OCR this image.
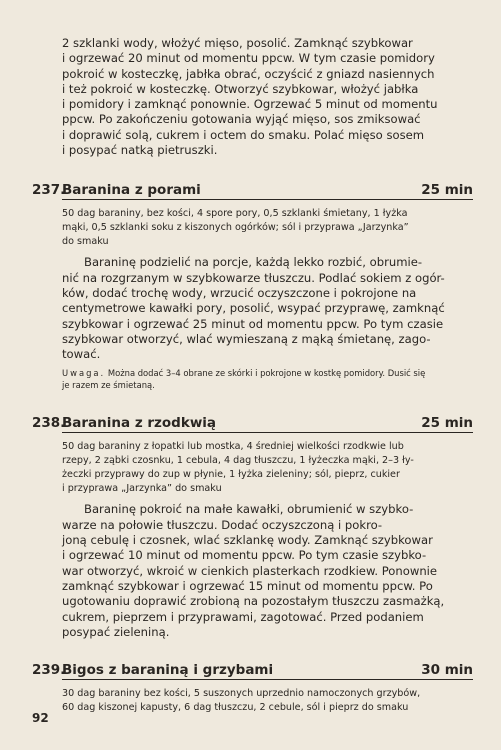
2 szklanki wody, włożyć mięso, posolić. Zamknąć szybkowar
i ogrzewać 20 minut od momentu ppcw. W tym czasie pomidory
pokroić w kosteczkę, jabłka obrać, oczyścić z gniazd nasiennych
i też pokroić w kosteczkę. Otworzyć szybkowar, włożyć jabłka
i pomidory i zamknąć ponownie. Ogrzewać 5 minut od momentu
ppcw. Po zakończeniu gotowania wyjąć mięso, sos zmiksować
i doprawić solą, cukrem i octem do smaku. Polać mięso sosem
i posypać natką pietruszki.
237.
Baranina z porami	25 min
50 dag baraniny, bez kości, 4 spore pory, 0,5 szklanki śmietany, 1 łyżka
mąki, 0,5 szklanki soku z kiszonych ogórków; sól i przyprawa „Jarzynka”
do smaku
Baraninę podzielić na porcje, każdą lekko rozbić, obrumie-
nić na rozgrzanym w szybkowarze tłuszczu. Podlać sokiem z ogór-
ków, dodać trochę wody, wrzucić oczyszczone i pokrojone na
centymetrowe kawałki pory, posolić, wsypać przyprawę, zamknąć
szybkowar i ogrzewać 25 minut od momentu ppcw. Po tym czasie
szybkowar otworzyć, wlać wymieszaną z mąką śmietanę, zago-
tować.
Uwaga. Można dodać 3–4 obrane ze skórki i pokrojone w kostkę pomidory. Dusić się
je razem ze śmietaną.
238.
Baranina z rzodkwią	25 min
50 dag baraniny z łopatki lub mostka, 4 średniej wielkości rzodkwie lub
rzepy, 2 ząbki czosnku, 1 cebula, 4 dag tłuszczu, 1 łyżeczka mąki, 2–3 ły-
żeczki przyprawy do zup w płynie, 1 łyżka zieleniny; sól, pieprz, cukier
i przyprawa „Jarzynka” do smaku
Baraninę pokroić na małe kawałki, obrumienić w szybko-
warze na połowie tłuszczu. Dodać oczyszczoną i pokro-
joną cebulę i czosnek, wlać szklankę wody. Zamknąć szybkowar
i ogrzewać 10 minut od momentu ppcw. Po tym czasie szybko-
war otworzyć, wkroić w cienkich plasterkach rzodkiew. Ponownie
zamknąć szybkowar i ogrzewać 15 minut od momentu ppcw. Po
ugotowaniu doprawić zrobioną na pozostałym tłuszczu zasmażką,
cukrem, pieprzem i przyprawami, zagotować. Przed podaniem
posypać zieleniną.
239.
Bigos z baraniną i grzybami	30 min
30 dag baraniny bez kości, 5 suszonych uprzednio namoczonych grzybów,
60 dag kiszonej kapusty, 6 dag tłuszczu, 2 cebule, sól i pieprz do smaku
92
